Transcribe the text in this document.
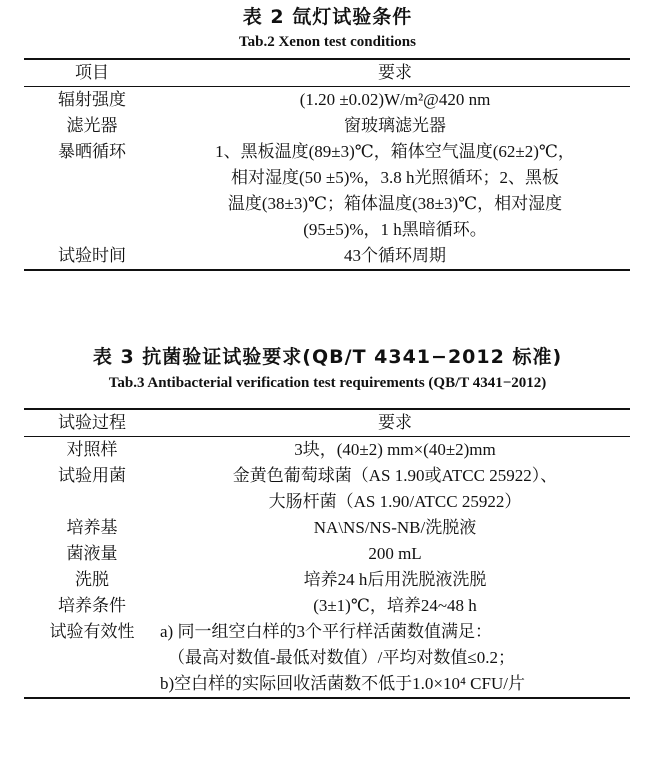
表 2 氙灯试验条件
Tab.2 Xenon test conditions
项目	要求

辐射强度	(1.20 ±0.02)W/m²@420 nm

滤光器	窗玻璃滤光器

暴晒循环	1、黑板温度(89±3)℃，箱体空气温度(62±2)℃，
相对湿度(50 ±5)%，3.8 h光照循环；2、黑板
温度(38±3)℃；箱体温度(38±3)℃，相对湿度
(95±5)%，1 h黑暗循环。

试验时间	43个循环周期
表 3 抗菌验证试验要求(QB/T 4341−2012 标准)
Tab.3 Antibacterial verification test requirements (QB/T 4341−2012)
试验过程	要求

对照样	3块，(40±2) mm×(40±2)mm

试验用菌	金黄色葡萄球菌（AS 1.90或ATCC 25922）、
大肠杆菌（AS 1.90/ATCC 25922）

培养基	NA\NS/NS-NB/洗脱液

菌液量	200 mL

洗脱	培养24 h后用洗脱液洗脱

培养条件	(3±1)℃，培养24~48 h

试验有效性	a) 同一组空白样的3个平行样活菌数值满足：
（最高对数值-最低对数值）/平均对数值≤0.2；
b)空白样的实际回收活菌数不低于1.0×10⁴ CFU/片
